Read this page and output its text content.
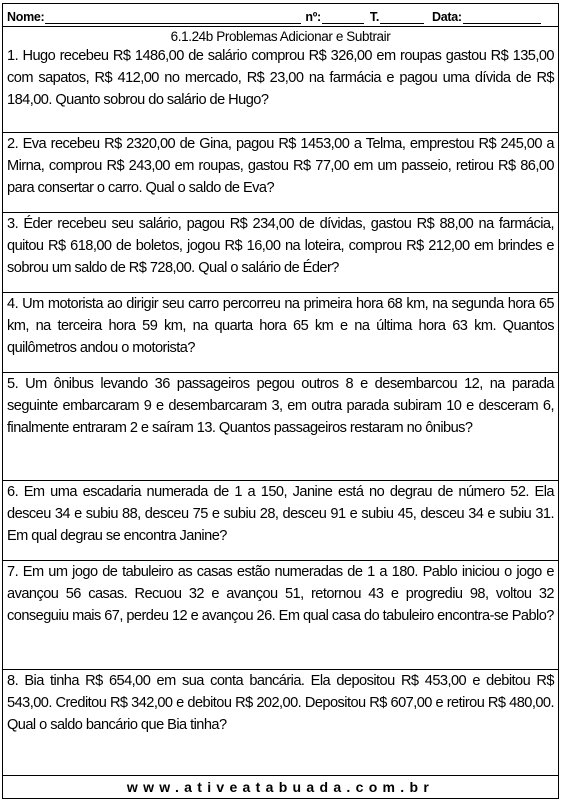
Nome:	nº:	T.	Data:
6.1.24b Problemas Adicionar e Subtrair
1. Hugo recebeu R$ 1486,00 de salário comprou R$ 326,00 em roupas gastou R$ 135,00 com sapatos, R$ 412,00 no mercado, R$ 23,00 na farmácia e pagou uma dívida de R$ 184,00. Quanto sobrou do salário de Hugo?
2. Eva recebeu R$ 2320,00 de Gina, pagou R$ 1453,00 a Telma, emprestou R$ 245,00 a Mirna, comprou R$ 243,00 em roupas, gastou R$ 77,00 em um passeio, retirou R$ 86,00 para consertar o carro. Qual o saldo de Eva?
3. Éder recebeu seu salário, pagou R$ 234,00 de dívidas, gastou R$ 88,00 na farmácia, quitou R$ 618,00 de boletos, jogou R$ 16,00 na loteira, comprou R$ 212,00 em brindes e sobrou um saldo de R$ 728,00. Qual o salário de Éder?
4. Um motorista ao dirigir seu carro percorreu na primeira hora 68 km, na segunda hora 65 km, na terceira hora 59 km, na quarta hora 65 km e na última hora 63 km. Quantos quilômetros andou o motorista?
5. Um ônibus levando 36 passageiros pegou outros 8 e desembarcou 12, na parada seguinte embarcaram 9 e desembarcaram 3, em outra parada subiram 10 e desceram 6, finalmente entraram 2 e saíram 13. Quantos passageiros restaram no ônibus?
6. Em uma escadaria numerada de 1 a 150, Janine está no degrau de número 52. Ela desceu 34 e subiu 88, desceu 75 e subiu 28, desceu 91 e subiu 45, desceu 34 e subiu 31. Em qual degrau se encontra Janine?
7. Em um jogo de tabuleiro as casas estão numeradas de 1 a 180. Pablo iniciou o jogo e avançou 56 casas. Recuou 32 e avançou 51, retornou 43 e progrediu 98, voltou 32 conseguiu mais 67, perdeu 12 e avançou 26. Em qual casa do tabuleiro encontra-se Pablo?
8. Bia tinha R$ 654,00 em sua conta bancária. Ela depositou R$ 453,00 e debitou R$ 543,00. Creditou R$ 342,00 e debitou R$ 202,00. Depositou R$ 607,00 e retirou R$ 480,00. Qual o saldo bancário que Bia tinha?
www.ativeatabuada.com.br
